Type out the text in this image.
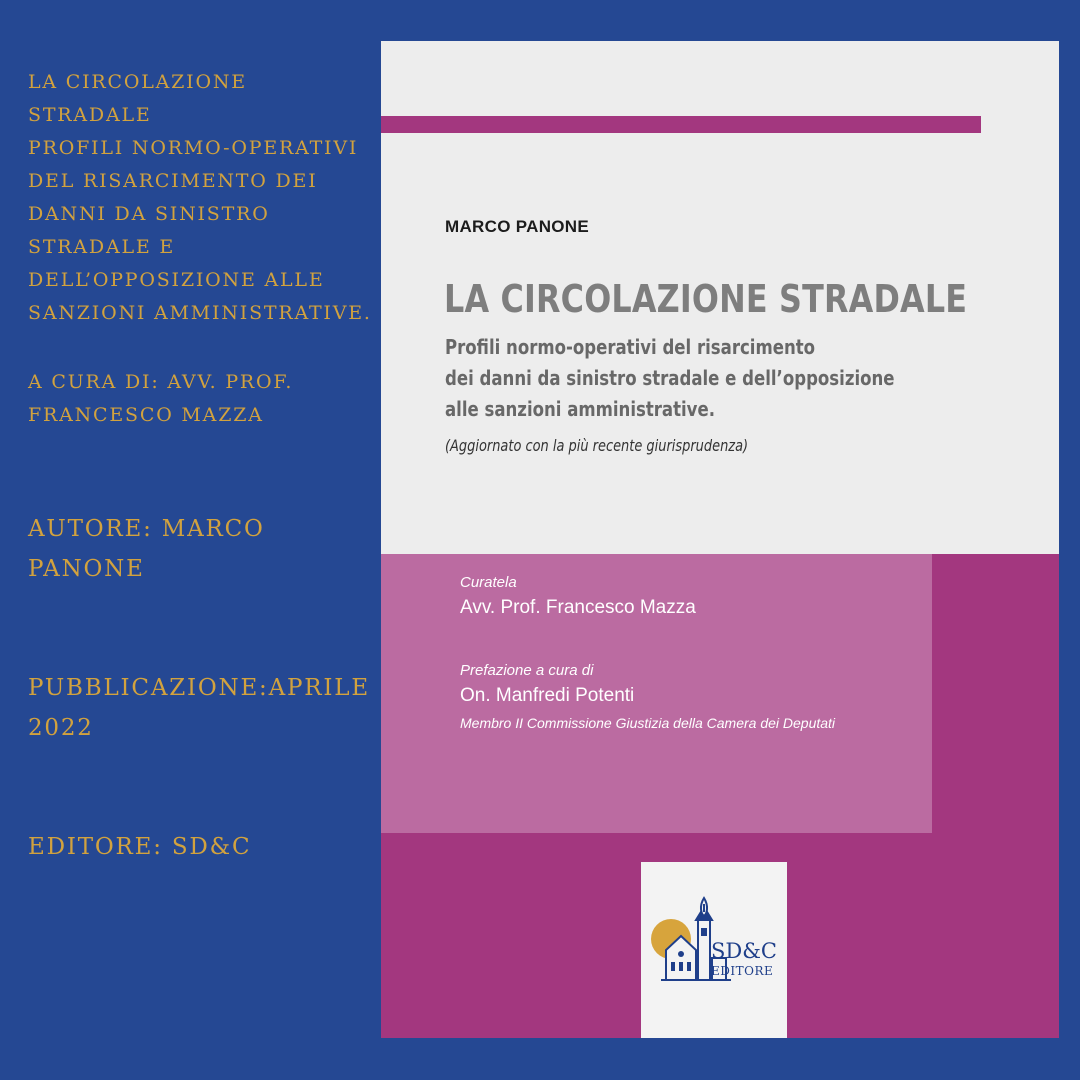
LA CIRCOLAZIONE
STRADALE
PROFILI NORMO-OPERATIVI
DEL RISARCIMENTO DEI
DANNI DA SINISTRO
STRADALE E
DELL’OPPOSIZIONE ALLE
SANZIONI AMMINISTRATIVE.
A CURA DI: AVV. PROF.
FRANCESCO MAZZA
AUTORE: MARCO
PANONE
PUBBLICAZIONE:APRILE
2022
EDITORE: SD&C
MARCO PANONE
LA CIRCOLAZIONE STRADALE
Profili normo-operativi del risarcimento
dei danni da sinistro stradale e dell’opposizione
alle sanzioni amministrative.
(Aggiornato con la più recente giurisprudenza)
Curatela
Avv. Prof. Francesco Mazza
Prefazione a cura di
On. Manfredi Potenti
Membro II Commissione Giustizia della Camera dei Deputati
SD&C
EDITORE
